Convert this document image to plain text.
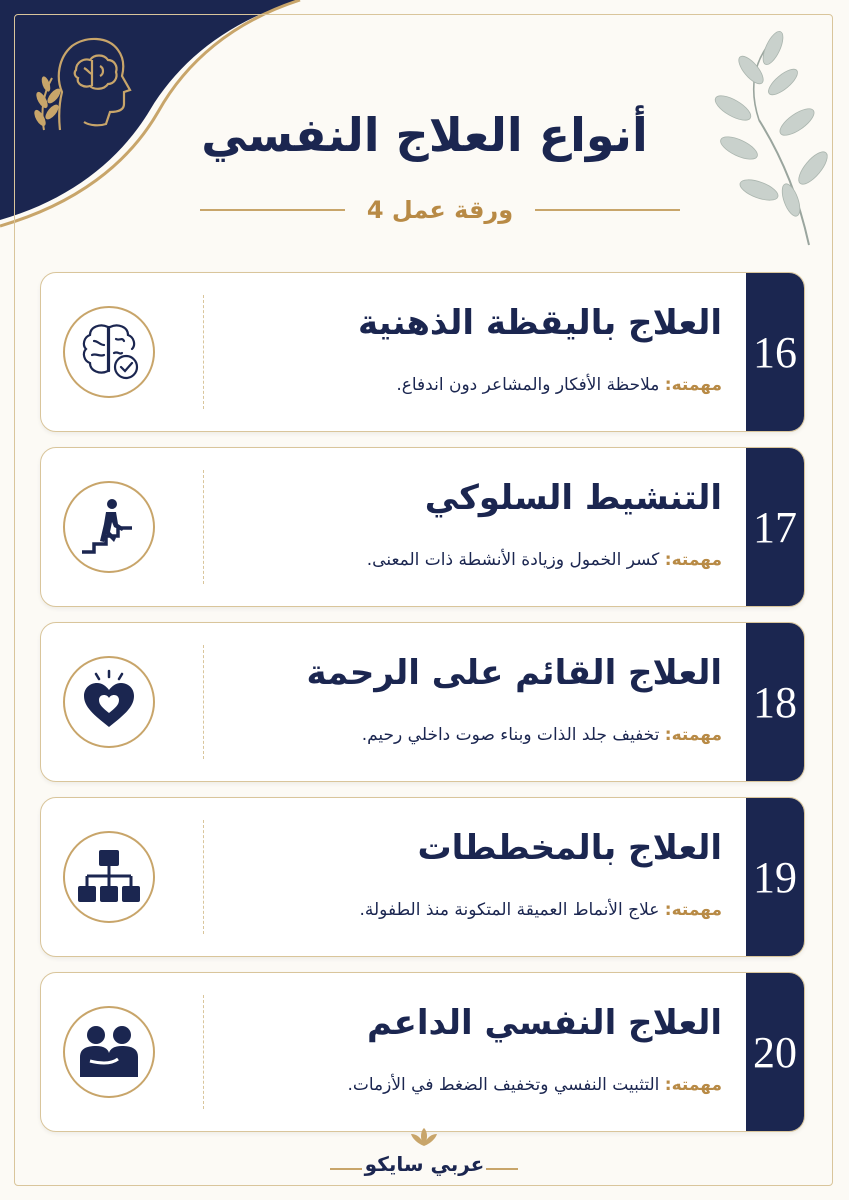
أنواع العلاج النفسي
ورقة عمل 4
16
العلاج باليقظة الذهنية
مهمته: ملاحظة الأفكار والمشاعر دون اندفاع.
17
التنشيط السلوكي
مهمته: كسر الخمول وزيادة الأنشطة ذات المعنى.
18
العلاج القائم على الرحمة
مهمته: تخفيف جلد الذات وبناء صوت داخلي رحيم.
19
العلاج بالمخططات
مهمته: علاج الأنماط العميقة المتكونة منذ الطفولة.
20
العلاج النفسي الداعم
مهمته: التثبيت النفسي وتخفيف الضغط في الأزمات.
عربي سايكو
